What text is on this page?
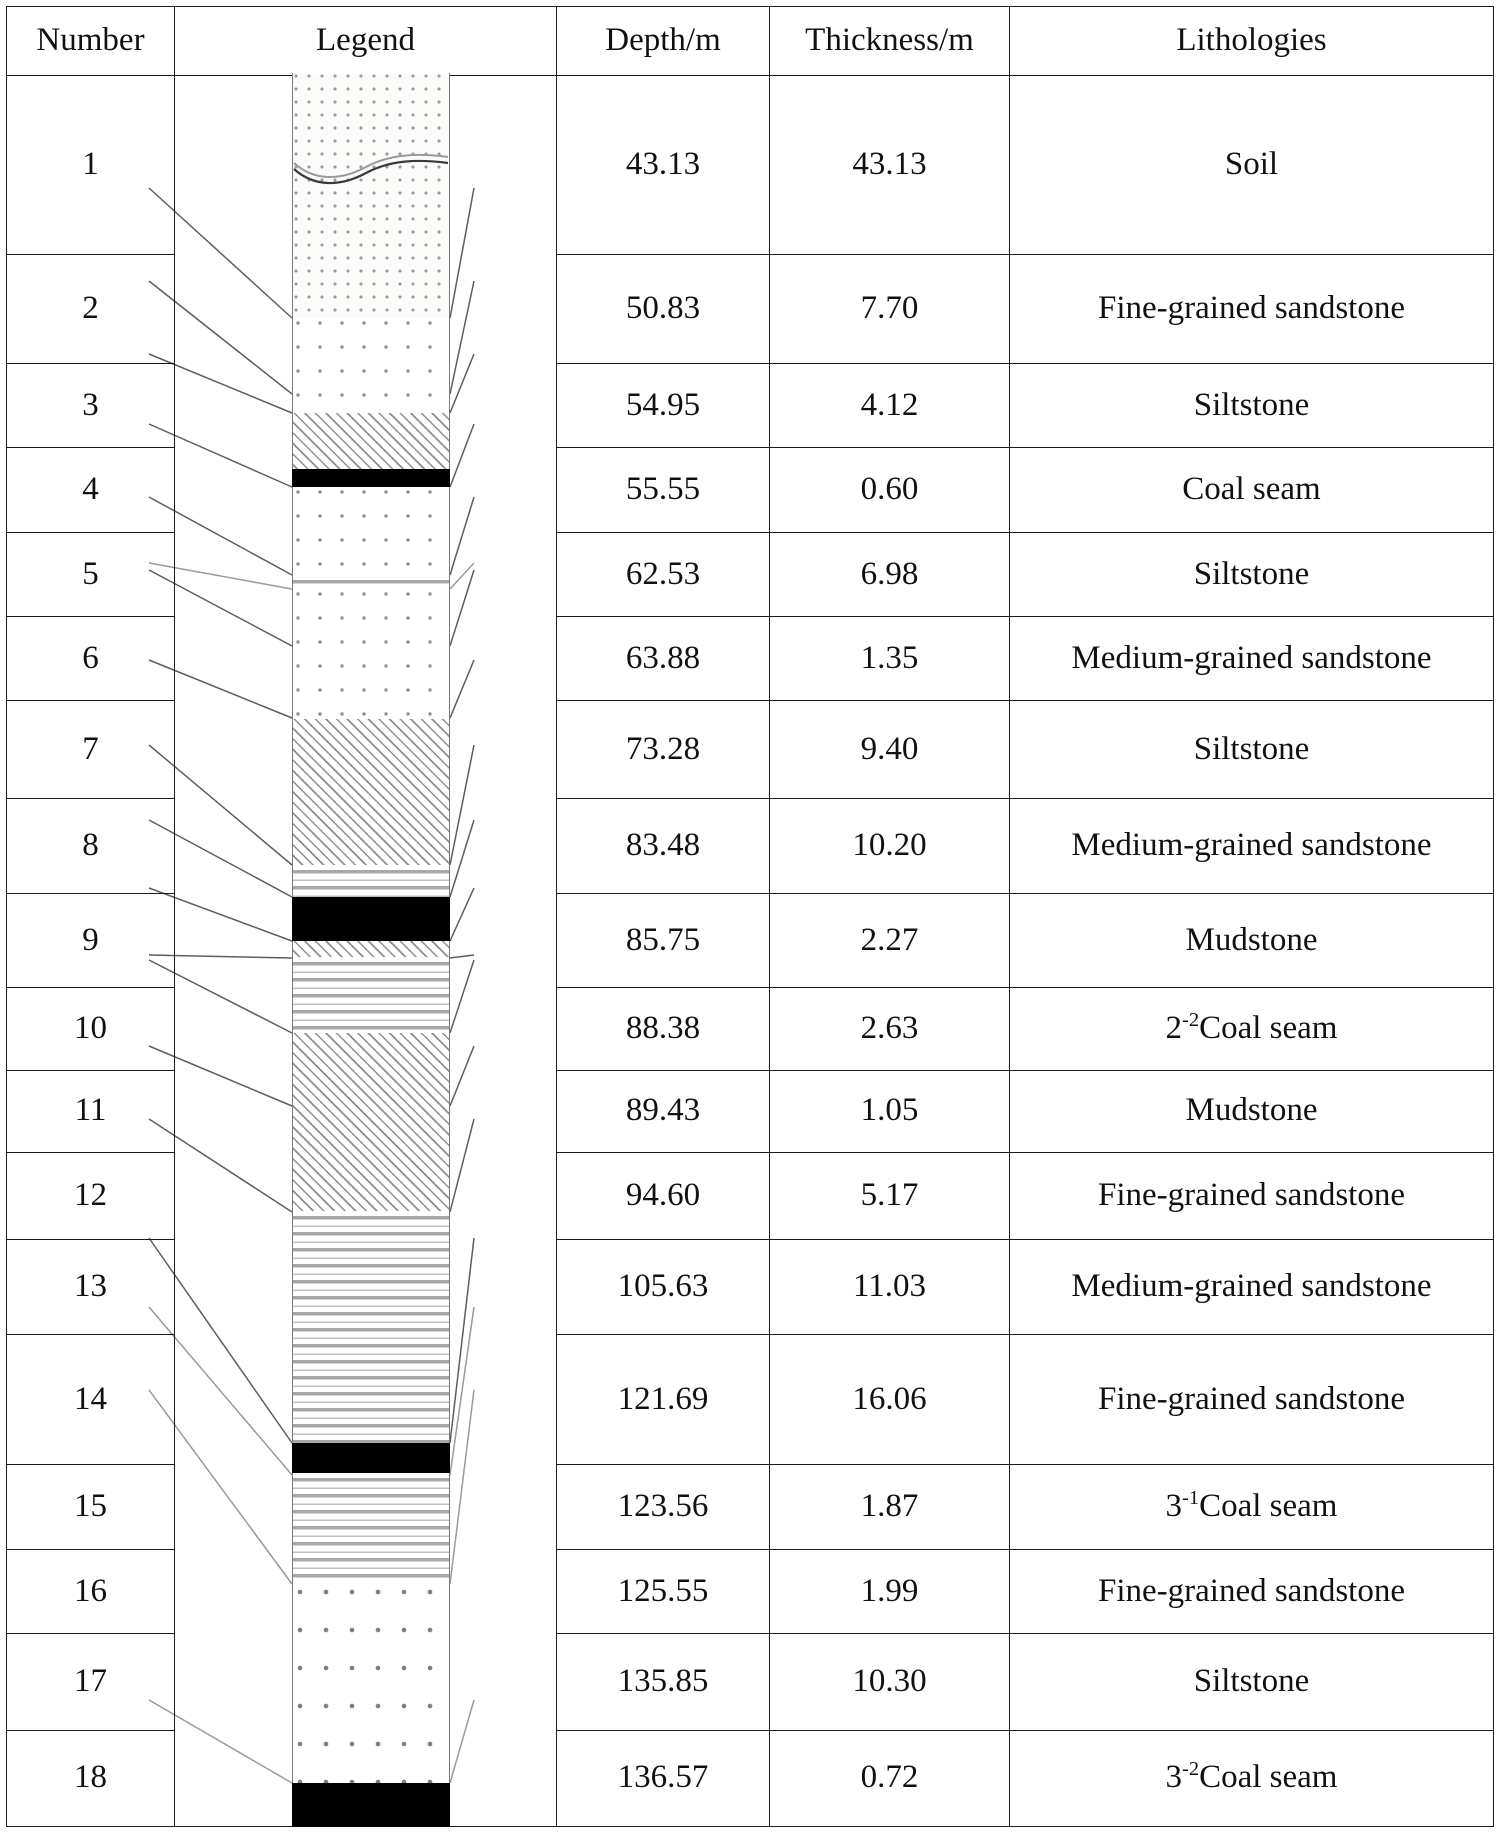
Number	Legend	Depth/m	Thickness/m	Lithologies
1		43.13	43.13	Soil
2		50.83	7.70	Fine-grained sandstone
3		54.95	4.12	Siltstone
4		55.55	0.60	Coal seam
5		62.53	6.98	Siltstone
6		63.88	1.35	Medium-grained sandstone
7		73.28	9.40	Siltstone
8		83.48	10.20	Medium-grained sandstone
9		85.75	2.27	Mudstone
10		88.38	2.63	$2^{-2}Coal$ seam
11		89.43	1.05	Mudstone
12		94.60	5.17	Fine-grained sandstone
13		105.63	11.03	Medium-grained sandstone
14		121.69	16.06	Fine-grained sandstone
15		123.56	1.87	$3^{-1}Coal$ seam
16		125.55	1.99	Fine-grained sandstone
17		135.85	10.30	Siltstone
18		136.57	0.72	$3^{-2}Coal$ seam
